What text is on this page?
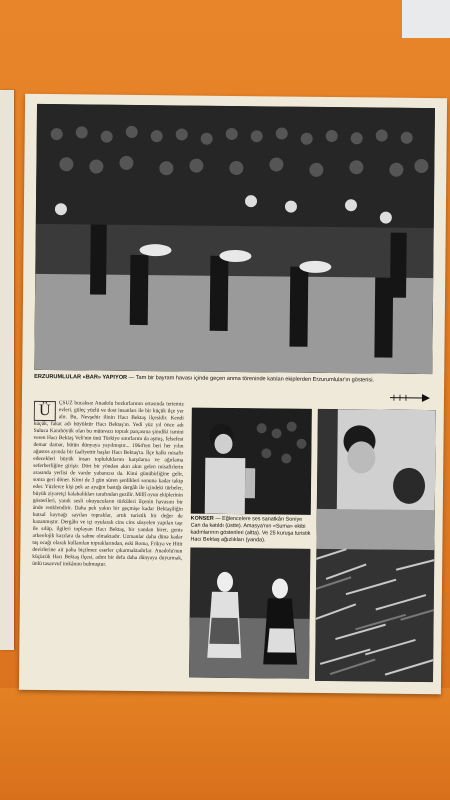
ERZURUMLULAR «BAR» YAPIYOR — Tam bir bayram havası içinde geçen anma töreninde katılan ekiplerden Erzurumlular'ın gösterisi.
Ü	ÇSUZ bucaksız Anadolu bozkırlarının ortasında tertemiz evleri, güleç yüzlü ve dost insanları ile bir küçük ilçe yer alır. Bu, Nevşehir ilinin Hacı Bektaş ilçesidir. Kendi küçük, fakat adı büyüktür Hacı Bektaş'ın. Yedi yüz yıl önce adı Suluca Karahöyük olan bu mütevazı toprak parçasına şimdiki ismini veren Hacı Bektaş Veli'nin ünü Türkiye sınırlarını da aşmış, felsefesi demar damar, bütün dünyaya yayılmıştır... 1964'ten beri her yılın ağustos ayında bir faaliyettir başlar Hacı Bektaş'ta. İlçe halkı misafir edecekleri büyük insan topluluklarını karşılama ve ağırlama seferberliğine girişir. Dört bir yöndən akın akın gelen misafirlerin arasında yerlisi de vardır yabancısı da. Kimi günübirliğine gelir, sonra geri döner. Kimi de 3 gün süren şenlikleri sonuna kadar takip eder. Yüzlerce kişi pek az ayağın bastığı dergâh ile içindeki türbeler, büyük ziyaretçi kalabalıkları tarafından gezilir. Millî oyun ekiplerinin gösterileri, yanık sesli okuyucuların türküleri ilçenin havasını bir ände renklendirir. Daha pek yakın bir geçmişe kadar Bektaşiliğin kutsal kaynağı sayılan topraklar, artık turistik bir değer de kazanmıştır. Dergâhı ve içi oyularak cins cins süsyelen yapılan taşı ile sılüp, ilgileri toplayan Hacı Bektaş, bir yandan birer, genis arkeolojik kazılara da sahne olmaktadır. Uzmanlar daha dünə kadar taş ocağı olarak kullanılan topraklarından, eski Roma, Frikya ve Hitit devirlerine ait paha biçilmez eserler çıkarmaktadırlar. Anadolu'nun küçücük Hacı Bektaş ilçesi, adını bir defa daha dünyaya duyurmak, ünlü tasavvuf imkânını bulmuştur.
KONSER — Eğlencelere ses sanatkârı Soniye Can da katıldı (üstte). Amasya'nın «Suma» ekibi kadınlarının gösterileri (altta). Ve 25 kuruşa turistik Hacı Bektaş ağızlıkları (yanda).
